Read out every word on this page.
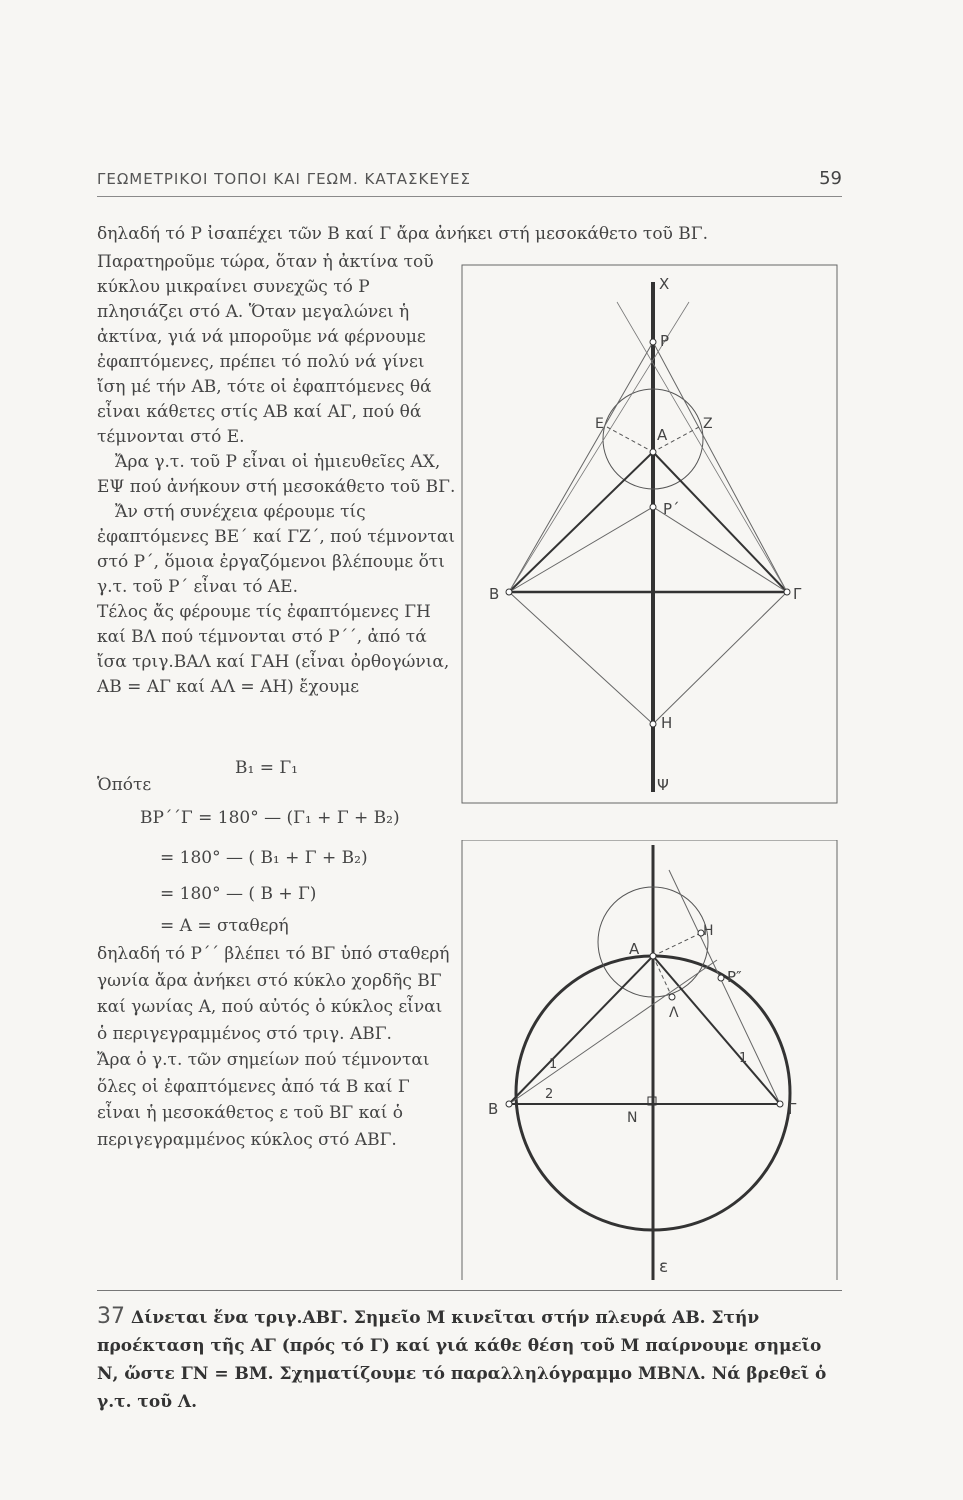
ΓΕΩΜΕΤΡΙΚΟΙ ΤΟΠΟΙ ΚΑΙ ΓΕΩΜ. ΚΑΤΑΣΚΕΥΕΣ	59
δηλαδή τό Ρ ἰσαπέχει τῶν Β καί Γ ἄρα ἀνήκει στή μεσοκάθετο τοῦ ΒΓ.

Παρατηροῦμε τώρα, ὅταν ἡ ἀκτίνα τοῦ κύκλου μικραίνει συνεχῶς τό Ρ πλησιάζει στό Α. Ὅταν μεγαλώνει ἡ ἀκτίνα, γιά νά μποροῦμε νά φέρνουμε ἐφαπτόμενες, πρέπει τό πολύ νά γίνει ἴση μέ τήν ΑΒ, τότε οἱ ἐφαπτόμενες θά εἶναι κάθετες στίς ΑΒ καί ΑΓ, πού θά τέμνονται στό Ε.

Ἄρα γ.τ. τοῦ Ρ εἶναι οἱ ἡμιευθεῖες ΑΧ, ΕΨ πού ἀνήκουν στή μεσοκάθετο τοῦ ΒΓ.

Ἄν στή συνέχεια φέρουμε τίς ἐφαπτόμενες ΒΕ΄ καί ΓΖ΄, πού τέμνονται στό Ρ΄, ὅμοια ἐργαζόμενοι βλέπουμε ὅτι γ.τ. τοῦ Ρ΄ εἶναι τό ΑΕ.

Τέλος ἄς φέρουμε τίς ἐφαπτόμενες ΓΗ καί ΒΛ πού τέμνονται στό Ρ΄΄, ἀπό τά ἴσα τριγ.ΒΑΛ καί ΓΑΗ (εἶναι ὀρθογώνια, ΑΒ = ΑΓ καί ΑΛ = ΑΗ) ἔχουμε

B₁ = Γ₁
Ὁπότε
ΒΡ΄΄Γ = 180° — (Γ₁ + Γ + Β₂)
= 180° — ( Β₁ + Γ + Β₂)
= 180° — ( Β + Γ)
= Α = σταθερή

δηλαδή τό Ρ΄΄ βλέπει τό ΒΓ ὑπό σταθερή γωνία ἄρα ἀνήκει στό κύκλο χορδῆς ΒΓ καί γωνίας Α, πού αὐτός ὁ κύκλος εἶναι ὁ περιγεγραμμένος στό τριγ. ΑΒΓ.

Ἄρα ὁ γ.τ. τῶν σημείων πού τέμνονται ὅλες οἱ ἐφαπτόμενες ἀπό τά Β καί Γ εἶναι ἡ μεσοκάθετος ε τοῦ ΒΓ καί ὁ περιγεγραμμένος κύκλος στό ΑΒΓ.

X
Ρ
Ε
Α
Ζ
Ρ΄
Β	Γ
Η
Ψ
Α
Η
Ρ″
Λ
1	1
2
Β	Ν	Γ
ε
37 Δίνεται ἕνα τριγ.ΑΒΓ. Σημεῖο Μ κινεῖται στήν πλευρά ΑΒ. Στήν προέκταση τῆς ΑΓ (πρός τό Γ) καί γιά κάθε θέση τοῦ Μ παίρνουμε σημεῖο Ν, ὥστε ΓΝ = ΒΜ. Σχηματίζουμε τό παραλληλόγραμμο ΜΒΝΛ. Νά βρεθεῖ ὁ γ.τ. τοῦ Λ.
